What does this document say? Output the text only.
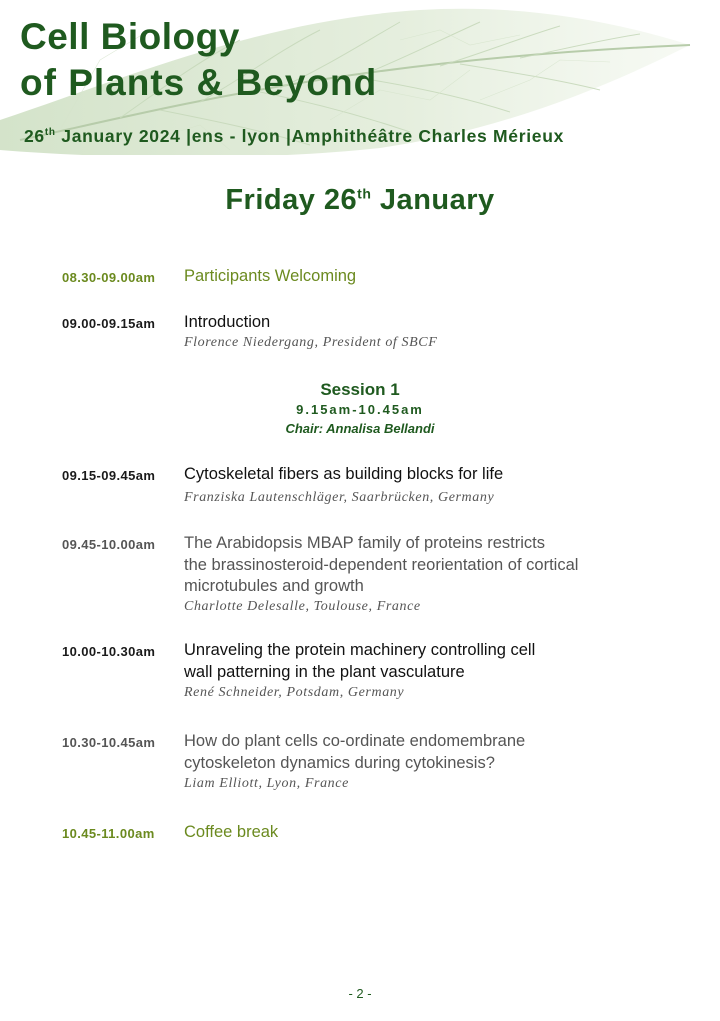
Cell Biology
of Plants & Beyond
26th January 2024 |ens - lyon |Amphithéâtre Charles Mérieux
Friday 26th January
08.30-09.00am	Participants Welcoming
09.00-09.15am	Introduction
Florence Niedergang, President of SBCF
Session 1
9.15am-10.45am
Chair: Annalisa Bellandi
09.15-09.45am	Cytoskeletal fibers as building blocks for life
Franziska Lautenschläger, Saarbrücken, Germany
09.45-10.00am	The Arabidopsis MBAP family of proteins restricts
the brassinosteroid-dependent reorientation of cortical
microtubules and growth
Charlotte Delesalle, Toulouse, France
10.00-10.30am	Unraveling the protein machinery controlling cell
wall patterning in the plant vasculature
René Schneider, Potsdam, Germany
10.30-10.45am	How do plant cells co-ordinate endomembrane
cytoskeleton dynamics during cytokinesis?
Liam Elliott, Lyon, France
10.45-11.00am	Coffee break
- 2 -
